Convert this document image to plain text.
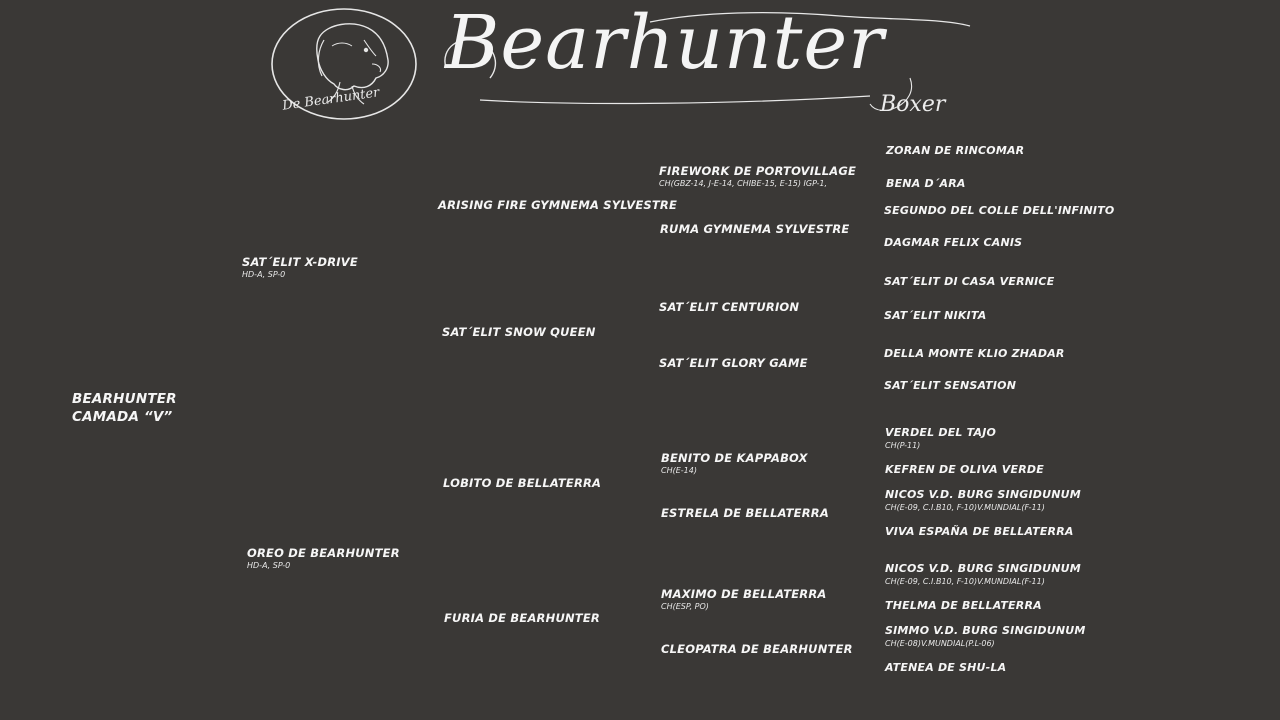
De Bearhunter
Bearhunter
Boxer
BEARHUNTER
CAMADA “V”
SAT´ELIT X-DRIVE
HD-A, SP-0
OREO DE BEARHUNTER
HD-A, SP-0
ARISING FIRE GYMNEMA SYLVESTRE
SAT´ELIT SNOW QUEEN
LOBITO DE BELLATERRA
FURIA DE BEARHUNTER
FIREWORK DE PORTOVILLAGE
CH(GBZ-14, J-E-14, CHIBE-15, E-15) IGP-1,
RUMA GYMNEMA SYLVESTRE
SAT´ELIT CENTURION
SAT´ELIT GLORY GAME
BENITO DE KAPPABOX
CH(E-14)
ESTRELA DE BELLATERRA
MAXIMO DE BELLATERRA
CH(ESP, PO)
CLEOPATRA DE BEARHUNTER
ZORAN DE RINCOMAR
BENA D´ARA
SEGUNDO DEL COLLE DELL'INFINITO
DAGMAR FELIX CANIS
SAT´ELIT DI CASA VERNICE
SAT´ELIT NIKITA
DELLA MONTE KLIO ZHADAR
SAT´ELIT SENSATION
VERDEL DEL TAJO
CH(P-11)
KEFREN DE OLIVA VERDE
NICOS V.D. BURG SINGIDUNUM
CH(E-09, C.I.B10, F-10)V.MUNDIAL(F-11)
VIVA ESPAÑA DE BELLATERRA
NICOS V.D. BURG SINGIDUNUM
CH(E-09, C.I.B10, F-10)V.MUNDIAL(F-11)
THELMA DE BELLATERRA
SIMMO V.D. BURG SINGIDUNUM
CH(E-08)V.MUNDIAL(P.L-06)
ATENEA DE SHU-LA
